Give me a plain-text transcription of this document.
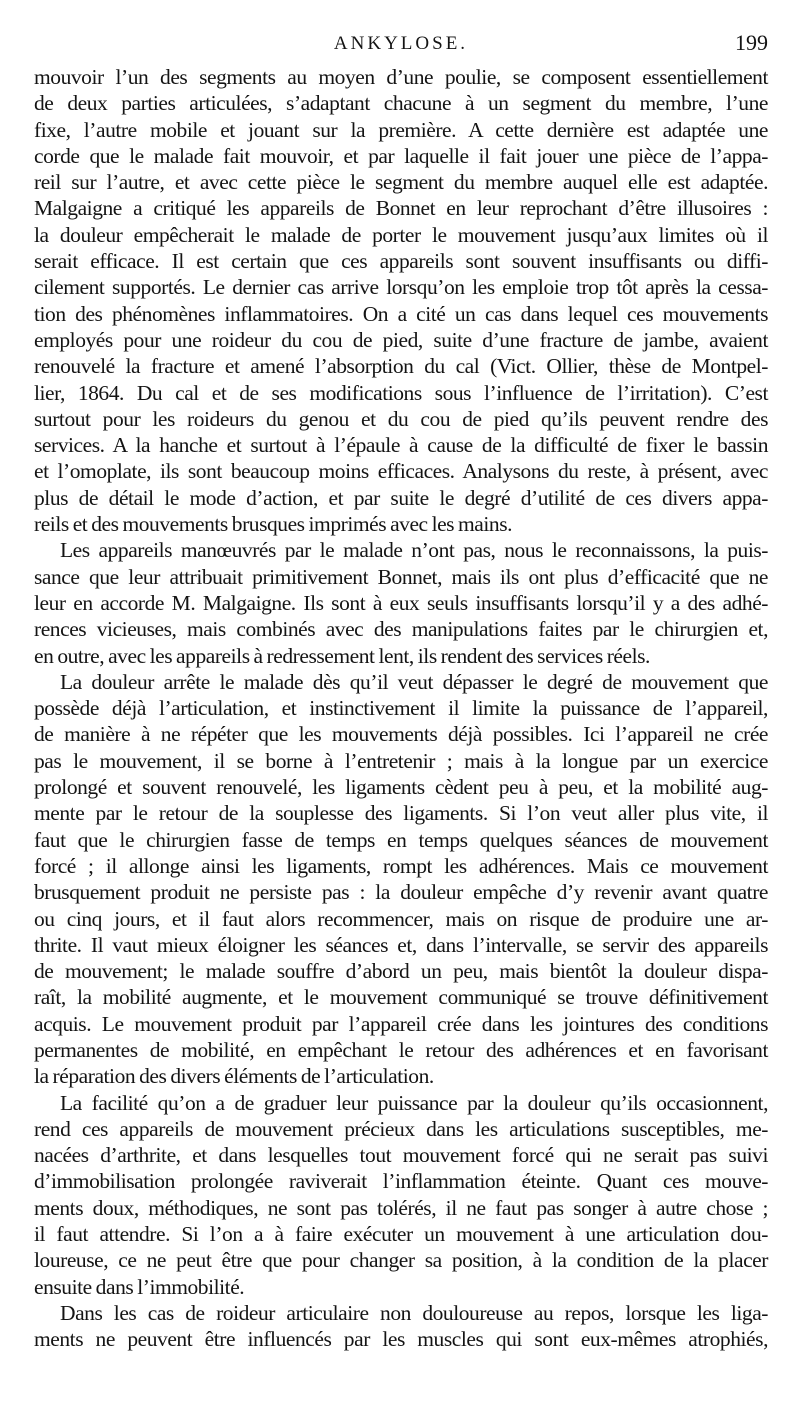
ANKYLOSE.	199
mouvoir l’un des segments au moyen d’une poulie, se composent essentiellement
de deux parties articulées, s’adaptant chacune à un segment du membre, l’une
fixe, l’autre mobile et jouant sur la première. A cette dernière est adaptée une
corde que le malade fait mouvoir, et par laquelle il fait jouer une pièce de l’appa-
reil sur l’autre, et avec cette pièce le segment du membre auquel elle est adaptée.
Malgaigne a critiqué les appareils de Bonnet en leur reprochant d’être illusoires :
la douleur empêcherait le malade de porter le mouvement jusqu’aux limites où il
serait efficace. Il est certain que ces appareils sont souvent insuffisants ou diffi-
cilement supportés. Le dernier cas arrive lorsqu’on les emploie trop tôt après la cessa-
tion des phénomènes inflammatoires. On a cité un cas dans lequel ces mouvements
employés pour une roideur du cou de pied, suite d’une fracture de jambe, avaient
renouvelé la fracture et amené l’absorption du cal (Vict. Ollier, thèse de Montpel-
lier, 1864. Du cal et de ses modifications sous l’influence de l’irritation). C’est
surtout pour les roideurs du genou et du cou de pied qu’ils peuvent rendre des
services. A la hanche et surtout à l’épaule à cause de la difficulté de fixer le bassin
et l’omoplate, ils sont beaucoup moins efficaces. Analysons du reste, à présent, avec
plus de détail le mode d’action, et par suite le degré d’utilité de ces divers appa-
reils et des mouvements brusques imprimés avec les mains.
Les appareils manœuvrés par le malade n’ont pas, nous le reconnaissons, la puis-
sance que leur attribuait primitivement Bonnet, mais ils ont plus d’efficacité que ne
leur en accorde M. Malgaigne. Ils sont à eux seuls insuffisants lorsqu’il y a des adhé-
rences vicieuses, mais combinés avec des manipulations faites par le chirurgien et,
en outre, avec les appareils à redressement lent, ils rendent des services réels.
La douleur arrête le malade dès qu’il veut dépasser le degré de mouvement que
possède déjà l’articulation, et instinctivement il limite la puissance de l’appareil,
de manière à ne répéter que les mouvements déjà possibles. Ici l’appareil ne crée
pas le mouvement, il se borne à l’entretenir ; mais à la longue par un exercice
prolongé et souvent renouvelé, les ligaments cèdent peu à peu, et la mobilité aug-
mente par le retour de la souplesse des ligaments. Si l’on veut aller plus vite, il
faut que le chirurgien fasse de temps en temps quelques séances de mouvement
forcé ; il allonge ainsi les ligaments, rompt les adhérences. Mais ce mouvement
brusquement produit ne persiste pas : la douleur empêche d’y revenir avant quatre
ou cinq jours, et il faut alors recommencer, mais on risque de produire une ar-
thrite. Il vaut mieux éloigner les séances et, dans l’intervalle, se servir des appareils
de mouvement; le malade souffre d’abord un peu, mais bientôt la douleur dispa-
raît, la mobilité augmente, et le mouvement communiqué se trouve définitivement
acquis. Le mouvement produit par l’appareil crée dans les jointures des conditions
permanentes de mobilité, en empêchant le retour des adhérences et en favorisant
la réparation des divers éléments de l’articulation.
La facilité qu’on a de graduer leur puissance par la douleur qu’ils occasionnent,
rend ces appareils de mouvement précieux dans les articulations susceptibles, me-
nacées d’arthrite, et dans lesquelles tout mouvement forcé qui ne serait pas suivi
d’immobilisation prolongée raviverait l’inflammation éteinte. Quant ces mouve-
ments doux, méthodiques, ne sont pas tolérés, il ne faut pas songer à autre chose ;
il faut attendre. Si l’on a à faire exécuter un mouvement à une articulation dou-
loureuse, ce ne peut être que pour changer sa position, à la condition de la placer
ensuite dans l’immobilité.
Dans les cas de roideur articulaire non douloureuse au repos, lorsque les liga-
ments ne peuvent être influencés par les muscles qui sont eux-mêmes atrophiés,
